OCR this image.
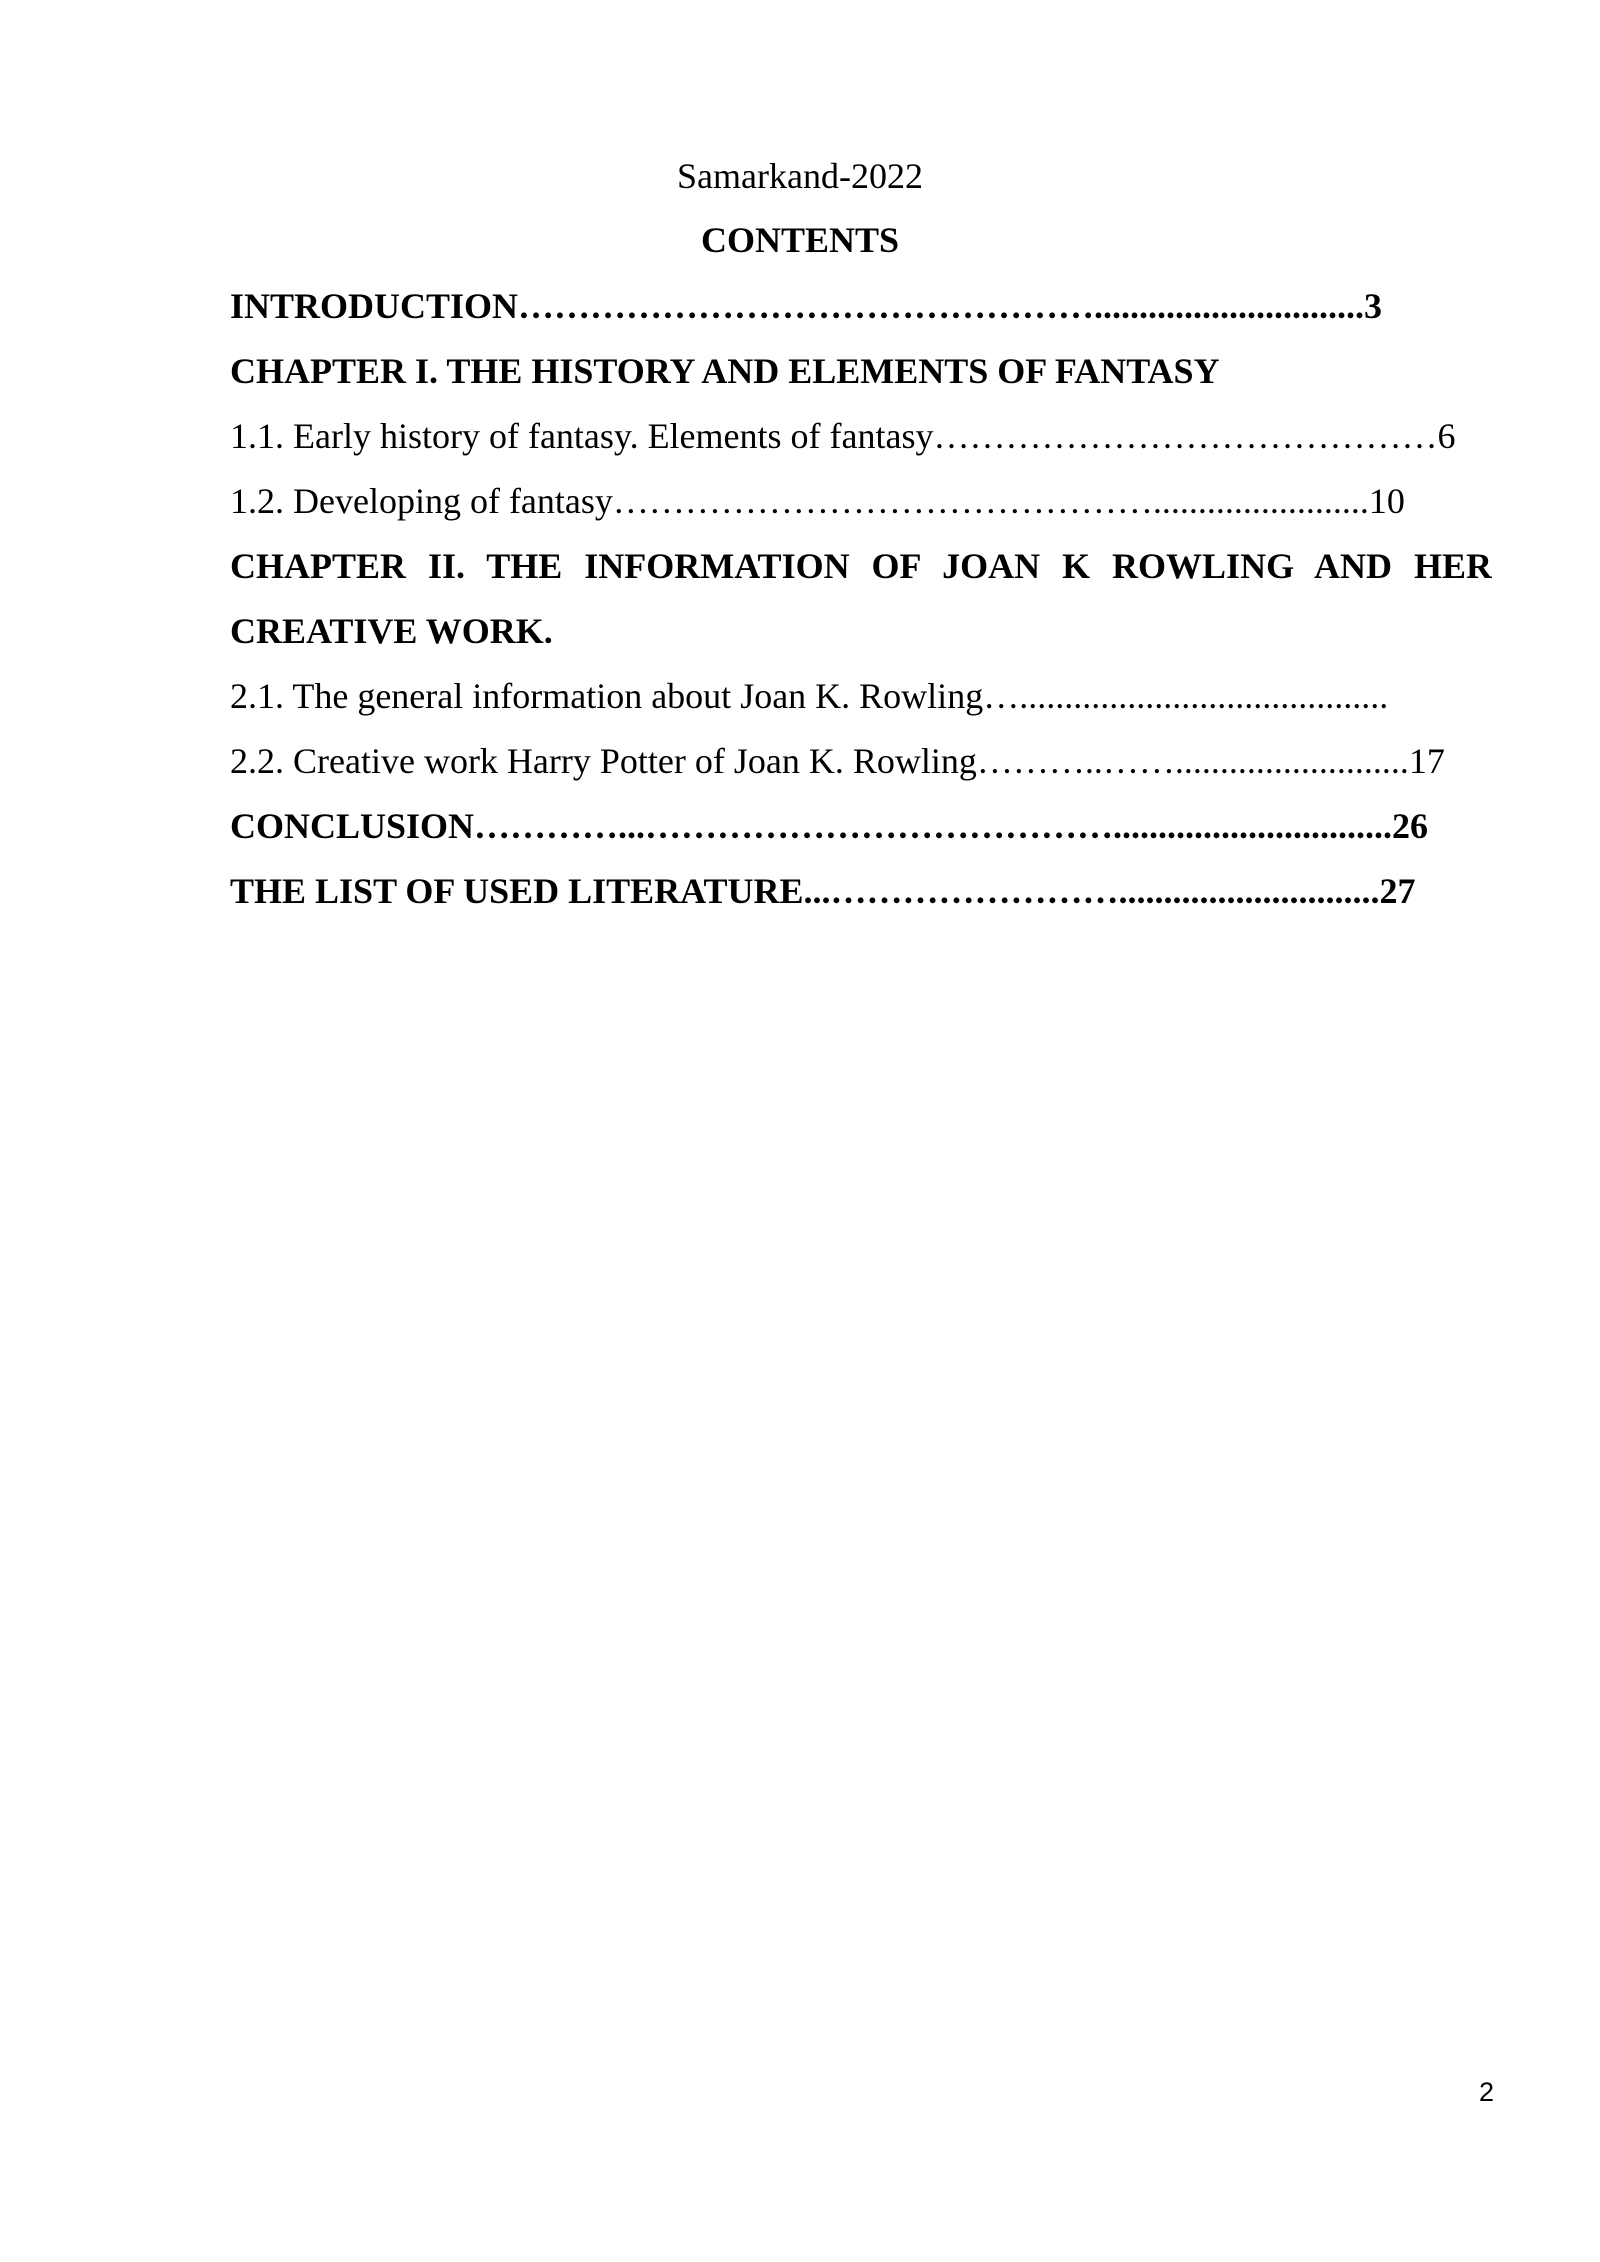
Samarkand-2022
CONTENTS
INTRODUCTION…………………………………………..............................3
CHAPTER I. THE HISTORY AND ELEMENTS OF FANTASY
1.1. Early history of fantasy. Elements of fantasy……………………………………6
1.2. Developing of fantasy………………………………………........................10
CHAPTER II. THE INFORMATION OF JOAN K ROWLING AND HER
CREATIVE WORK.
2.1. The general information about Joan K. Rowling….........................................
2.2. Creative work Harry Potter of Joan K. Rowling………..……..........................17
CONCLUSION…………...…………………………………...............................26
THE LIST OF USED LITERATURE...…………………….............................27
2
